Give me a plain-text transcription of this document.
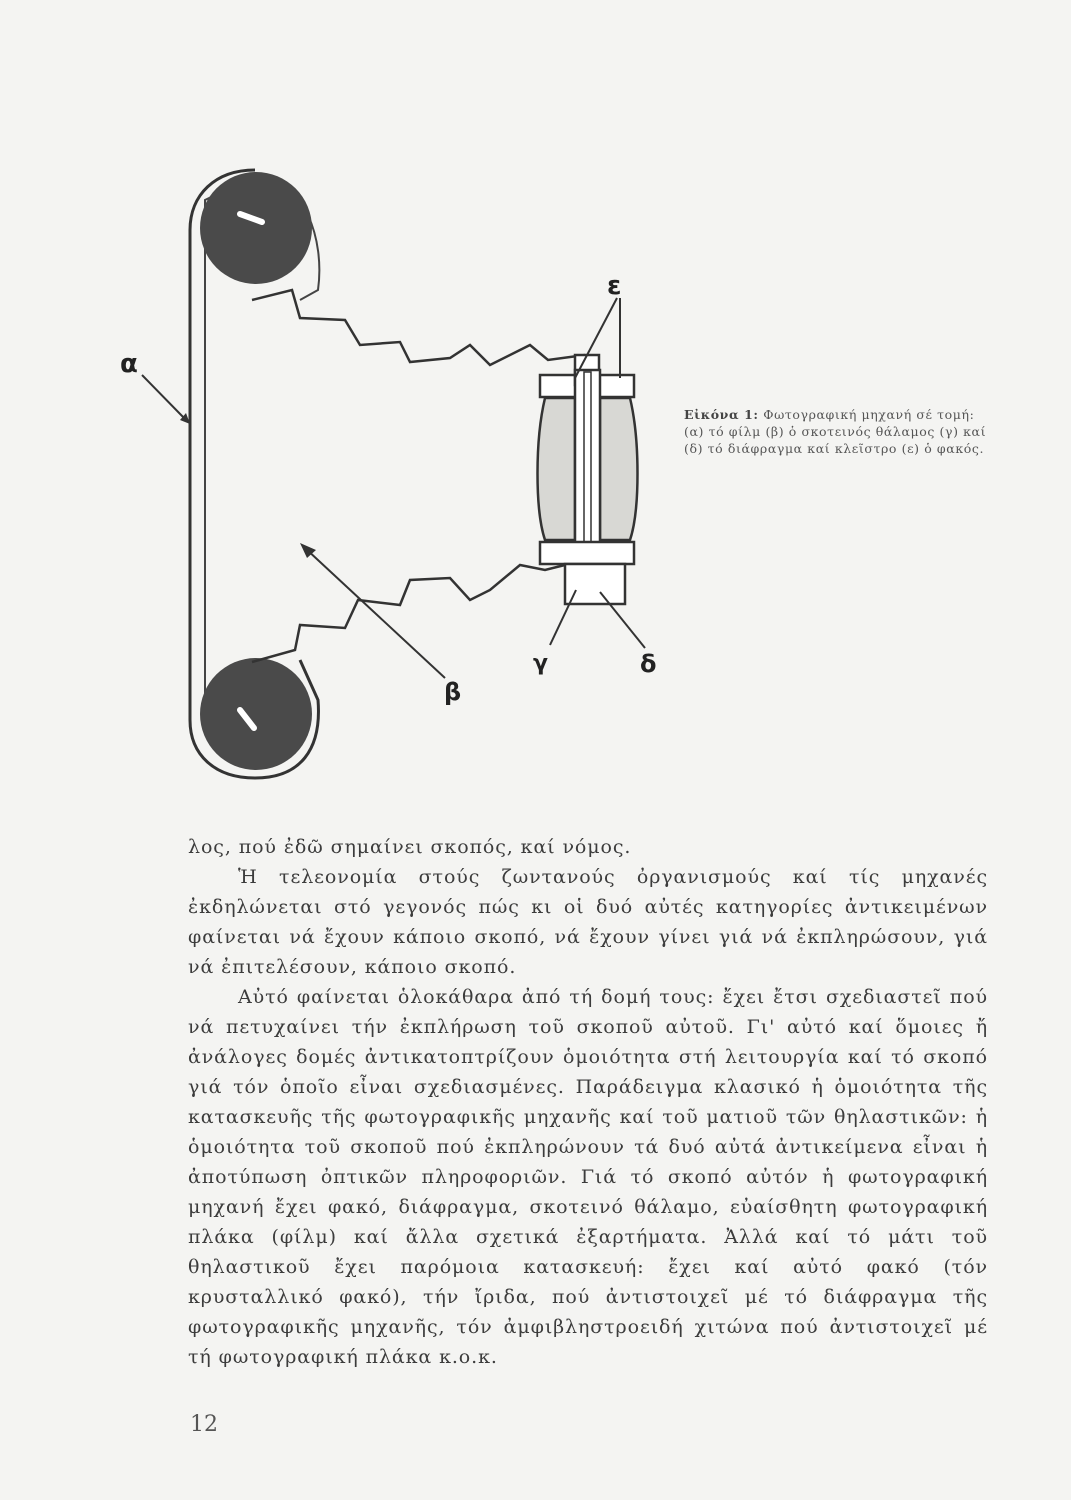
α
ε
γ	δ
β
Εἰκόνα 1: Φωτογραφική μηχανή σέ τομή: (α) τό φίλμ (β) ὁ σκοτεινός θάλαμος (γ) καί (δ) τό διάφραγμα καί κλεῖστρο (ε) ὁ φακός.

λος, πού ἐδῶ σημαίνει σκοπός, καί νόμος.

Ἡ τελεονομία στούς ζωντανούς ὀργανισμούς καί τίς μηχανές ἐκδηλώνεται στό γεγονός πώς κι οἱ δυό αὐτές κατηγορίες ἀντικειμένων φαίνεται νά ἔχουν κάποιο σκοπό, νά ἔχουν γίνει γιά νά ἐκπληρώσουν, γιά νά ἐπιτελέσουν, κάποιο σκοπό.

Αὐτό φαίνεται ὁλοκάθαρα ἀπό τή δομή τους: ἔχει ἔτσι σχεδιαστεῖ πού νά πετυχαίνει τήν ἐκπλήρωση τοῦ σκοποῦ αὐτοῦ. Γι' αὐτό καί ὅμοιες ἤ ἀνάλογες δομές ἀντικατοπτρίζουν ὁμοιότητα στή λειτουργία καί τό σκοπό γιά τόν ὁποῖο εἶναι σχεδιασμένες. Παράδειγμα κλασικό ἡ ὁμοιότητα τῆς κατασκευῆς τῆς φωτογραφικῆς μηχανῆς καί τοῦ ματιοῦ τῶν θηλαστικῶν: ἡ ὁμοιότητα τοῦ σκοποῦ πού ἐκπληρώνουν τά δυό αὐτά ἀντικείμενα εἶναι ἡ ἀποτύπωση ὀπτικῶν πληροφοριῶν. Γιά τό σκοπό αὐτόν ἡ φωτογραφική μηχανή ἔχει φακό, διάφραγμα, σκοτεινό θάλαμο, εὐαίσθητη φωτογραφική πλάκα (φίλμ) καί ἄλλα σχετικά ἐξαρτήματα. Ἀλλά καί τό μάτι τοῦ θηλαστικοῦ ἔχει παρόμοια κατασκευή: ἔχει καί αὐτό φακό (τόν κρυσταλλικό φακό), τήν ἴριδα, πού ἀντιστοιχεῖ μέ τό διάφραγμα τῆς φωτογραφικῆς μηχανῆς, τόν ἀμφιβληστροειδή χιτώνα πού ἀντιστοιχεῖ μέ τή φωτογραφική πλάκα κ.ο.κ.

12
